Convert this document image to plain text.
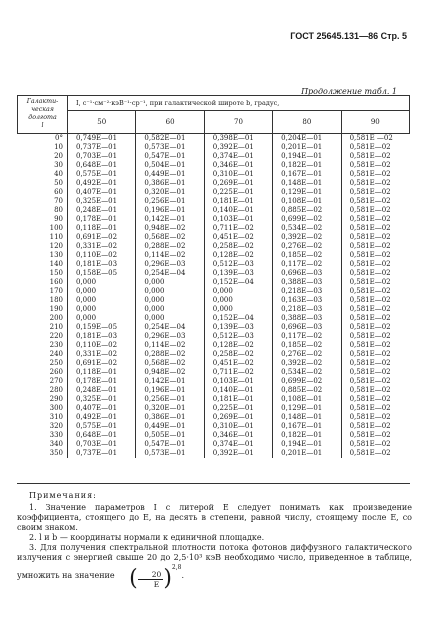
ГОСТ 25645.131—86 Стр. 5
Продолжение табл. 1
Галакти-
ческая
долгота
l	I, с⁻¹·см⁻²·кэВ⁻¹·ср⁻¹, при галактической широте b, градус,				
	50	60	70	80	90
0°	0,749E—01	0,582E—01	0,398E—01	0,204E—01	0,581E —02
10	0,737E—01	0,573E—01	0,392E—01	0,201E—01	0,581E—02
20	0,703E—01	0,547E—01	0,374E—01	0,194E—01	0,581E—02
30	0,648E—01	0,504E—01	0,346E—01	0,182E—01	0,581E—02
40	0,575E—01	0,449E—01	0,310E—01	0,167E—01	0,581E—02
50	0,492E—01	0,386E—01	0,269E—01	0,148E—01	0,581E—02
60	0,407E—01	0,320E—01	0,225E—01	0,129E—01	0,581E—02
70	0,325E—01	0,256E—01	0,181E—01	0,108E—01	0,581E—02
80	0,248E—01	0,196E—01	0,140E—01	0,885E—02	0,581E—02
90	0,178E—01	0,142E—01	0,103E—01	0,699E—02	0,581E—02
100	0,118E—01	0,948E—02	0,711E—02	0,534E—02	0,581E—02
110	0,691E—02	0,568E—02	0,451E—02	0,392E—02	0,581E—02
120	0,331E—02	0,288E—02	0,258E—02	0,276E—02	0,581E—02
130	0,110E—02	0,114E—02	0,128E—02	0,185E—02	0,581E—02
140	0,181E—03	0,296E—03	0,512E—03	0,117E—02	0,581E—02
150	0,158E—05	0,254E—04	0,139E—03	0,696E—03	0,581E—02
160	0,000	0,000	0,152E—04	0,388E—03	0,581E—02
170	0,000	0,000	0,000	0,218E—03	0,581E—02
180	0,000	0,000	0,000	0,163E—03	0,581E—02
190	0,000	0,000	0,000	0,218E—03	0,581E—02
200	0,000	0,000	0,152E—04	0,388E—03	0,581E—02
210	0,159E—05	0,254E—04	0,139E—03	0,696E—03	0,581E—02
220	0,181E—03	0,296E—03	0,512E—03	0,117E—02	0,581E—02
230	0,110E—02	0,114E—02	0,128E—02	0,185E—02	0,581E—02
240	0,331E—02	0,288E—02	0,258E—02	0,276E—02	0,581E—02
250	0,691E—02	0,568E—02	0,451E—02	0,392E—02	0,581E—02
260	0,118E—01	0,948E—02	0,711E—02	0,534E—02	0,581E—02
270	0,178E—01	0,142E—01	0,103E—01	0,699E—02	0,581E—02
280	0,248E—01	0,196E—01	0,140E—01	0,885E—02	0,581E—02
290	0,325E—01	0,256E—01	0,181E—01	0,108E—01	0,581E—02
300	0,407E—01	0,320E—01	0,225E—01	0,129E—01	0,581E—02
310	0,492E—01	0,386E—01	0,269E—01	0,148E—01	0,581E—02
320	0,575E—01	0,449E—01	0,310E—01	0,167E—01	0,581E—02
330	0,648E—01	0,505E—01	0,346E—01	0,182E—01	0,581E—02
340	0,703E—01	0,547E—01	0,374E—01	0,194E—01	0,581E—02
350	0,737E—01	0,573E—01	0,392E—01	0,201E—01	0,581E—02

Примечания:

1. Значение параметров I с литерой E следует понимать как произведение коэффициента, стоящего до E, на десять в степени, равной числу, стоящему после E, со своим знаком.

2. l и b — координаты нормали к единичной площадке.

3. Для получения спектральной плотности потока фотонов диффузного галактического излучения с энергией свыше 20 до 2,5·10³ кэВ необходимо число, приведенное в таблице, умножить на значение ( $\frac{20}{E} )^{2,8}$.
